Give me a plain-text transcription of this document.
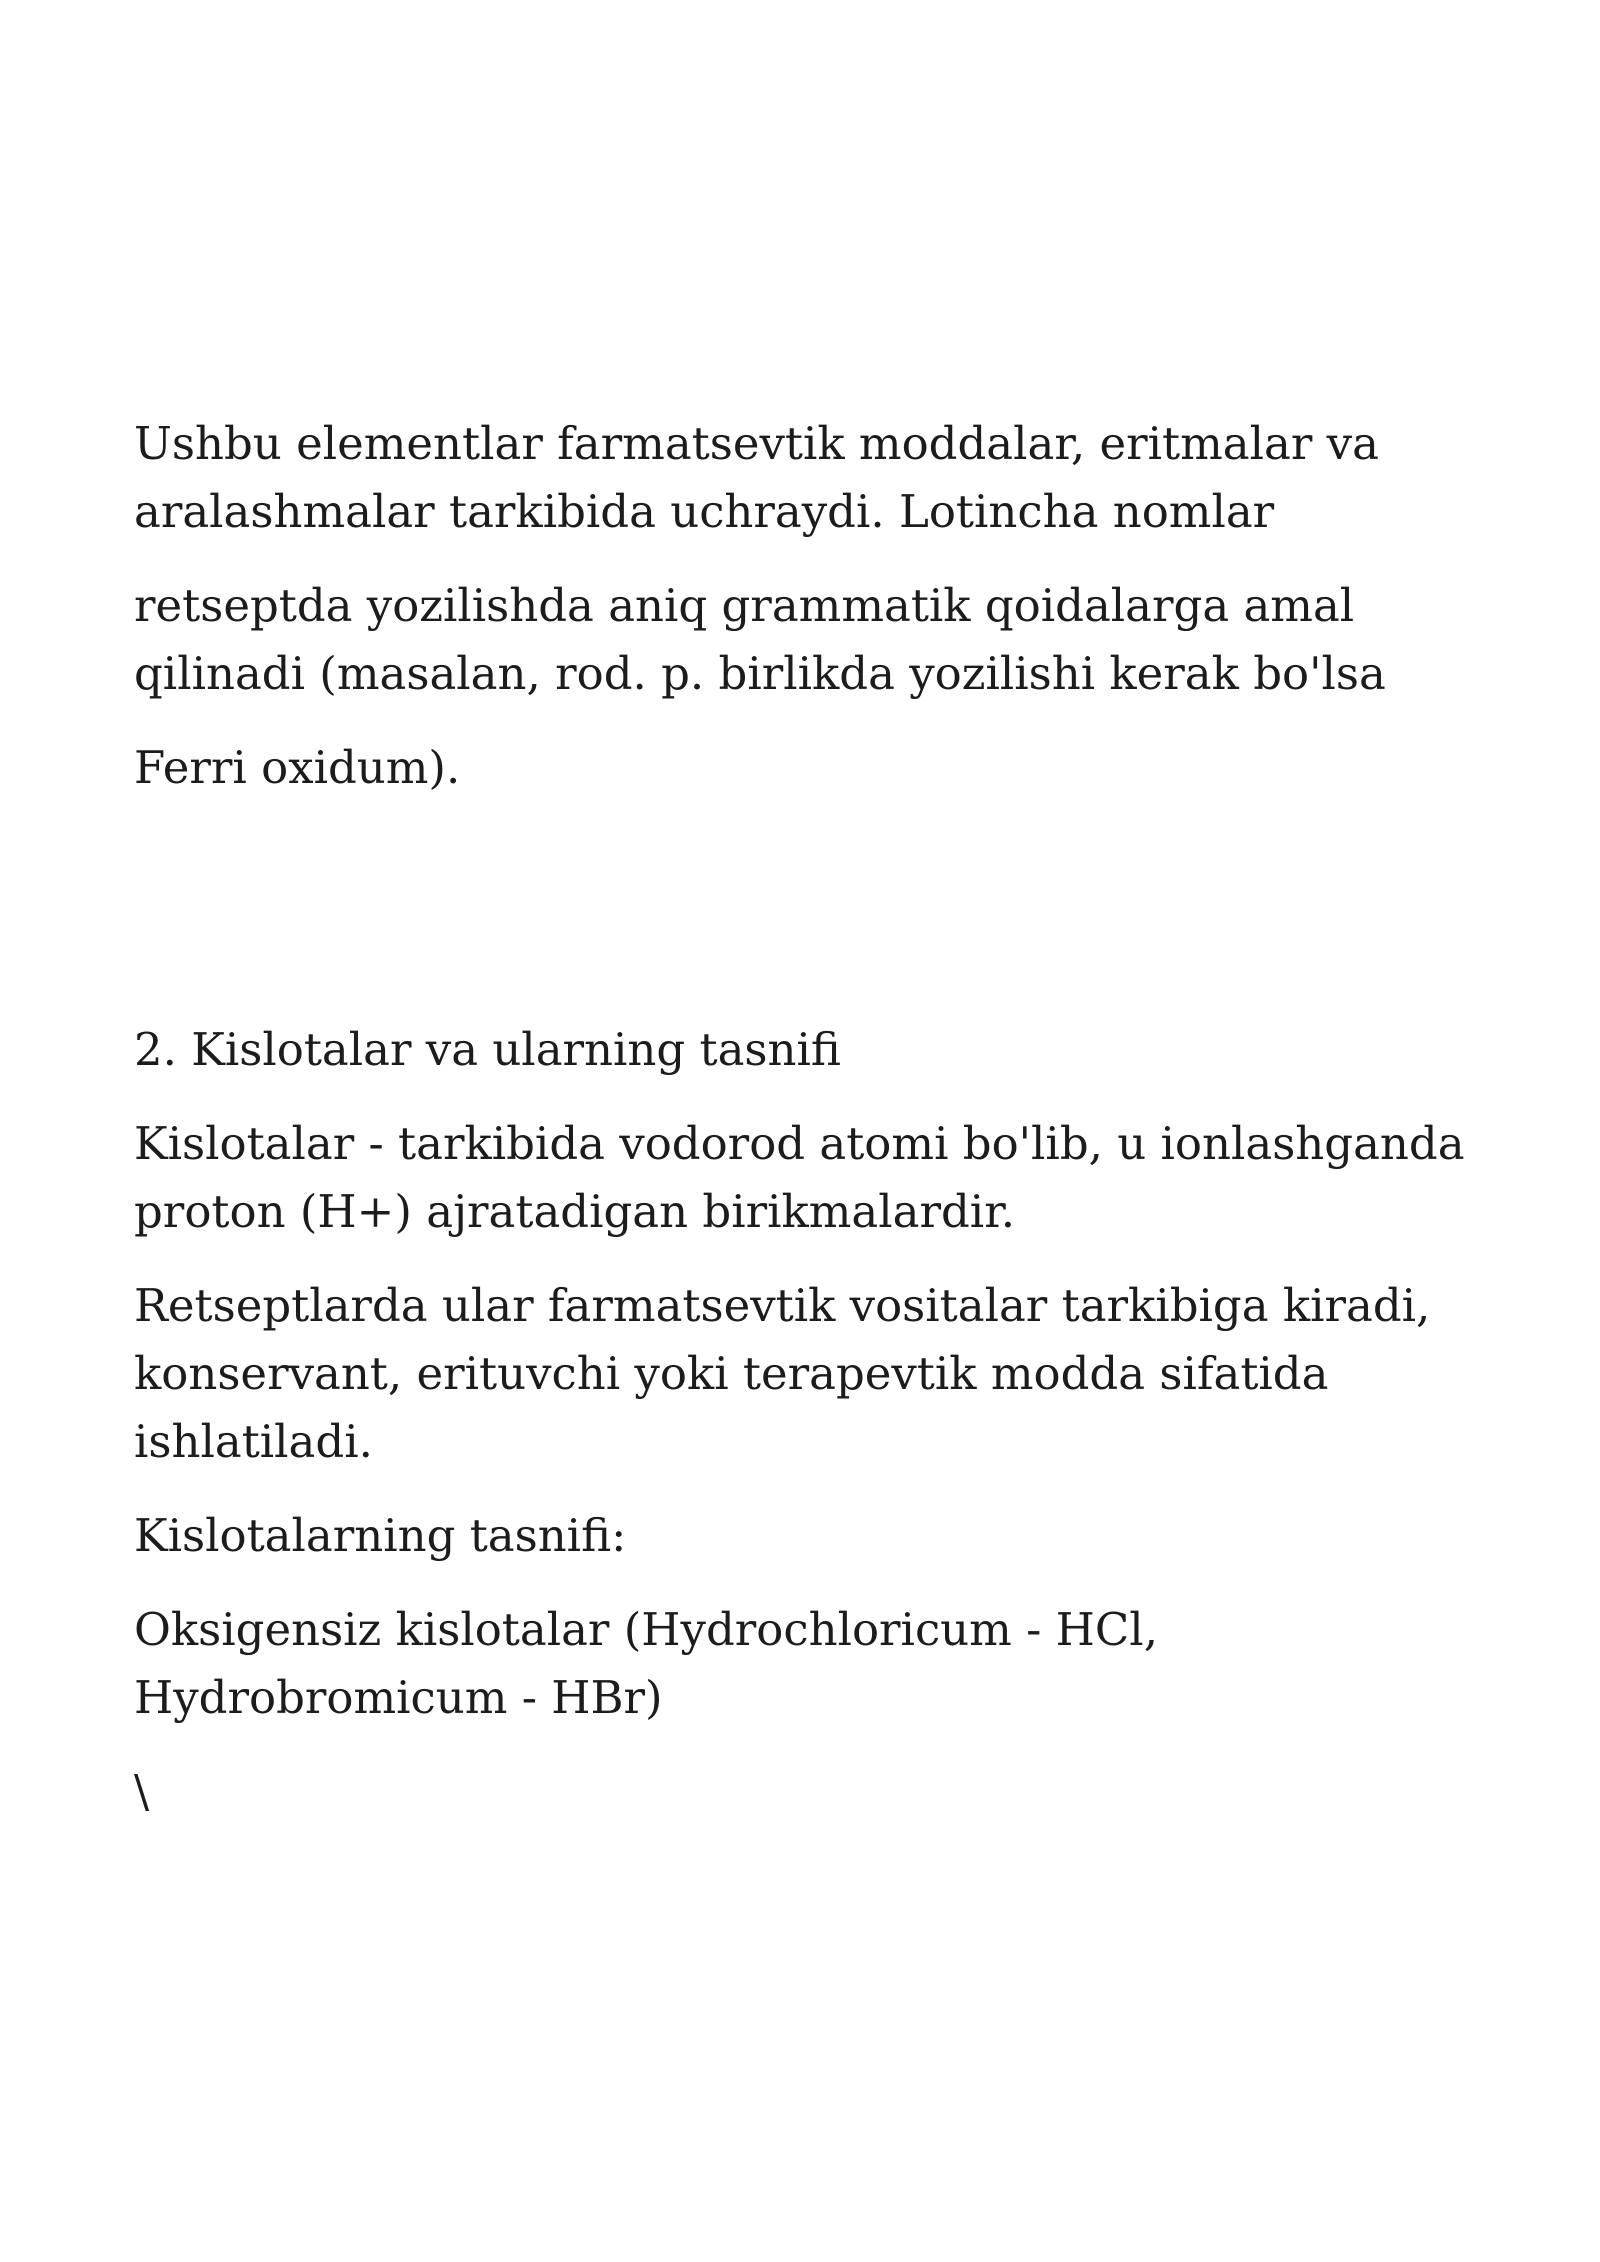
Ushbu elementlar farmatsevtik moddalar, eritmalar va aralashmalar tarkibida uchraydi. Lotincha nomlar

retseptda yozilishda aniq grammatik qoidalarga amal qilinadi (masalan, rod. p. birlikda yozilishi kerak bo'lsa

Ferri oxidum).

2. Kislotalar va ularning tasnifi

Kislotalar - tarkibida vodorod atomi bo'lib, u ionlashganda proton (H+) ajratadigan birikmalardir.

Retseptlarda ular farmatsevtik vositalar tarkibiga kiradi, konservant, erituvchi yoki terapevtik modda sifatida ishlatiladi.

Kislotalarning tasnifi:

Oksigensiz kislotalar (Hydrochloricum - HCl, Hydrobromicum - HBr)

\
